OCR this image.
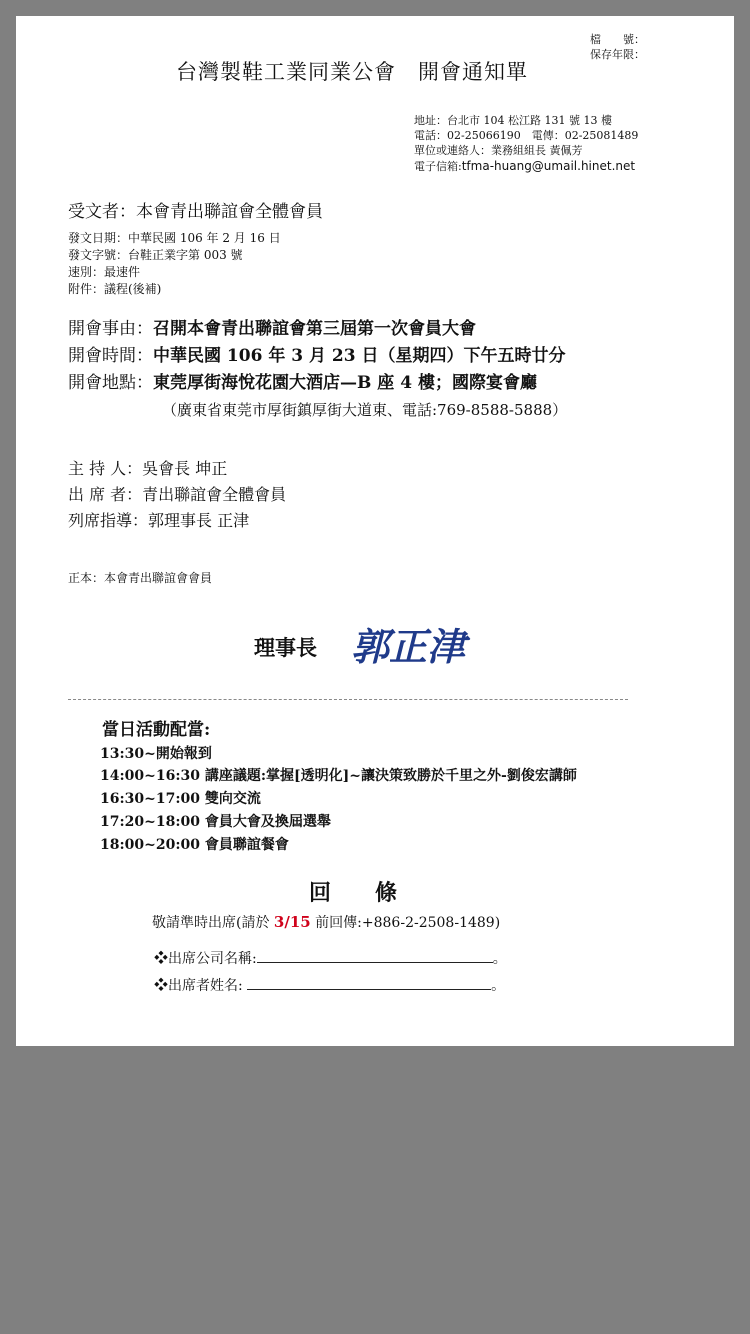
檔　　號：
保存年限：
台灣製鞋工業同業公會　開會通知單
地址：台北市 104 松江路 131 號 13 樓
電話：02-25066190　電傳：02-25081489
單位或連絡人：業務組組長 黃佩芳
電子信箱:tfma-huang@umail.hinet.net
受文者：本會青出聯誼會全體會員
發文日期：中華民國 106 年 2 月 16 日
發文字號：台鞋正業字第 003 號
速別：最速件
附件：議程(後補)
開會事由：召開本會青出聯誼會第三屆第一次會員大會
開會時間：中華民國 106 年 3 月 23 日（星期四）下午五時廿分
開會地點：東莞厚街海悅花園大酒店—B 座 4 樓；國際宴會廳
（廣東省東莞市厚街鎮厚街大道東、電話:769-8588-5888）
主 持 人：吳會長 坤正
出 席 者：青出聯誼會全體會員
列席指導：郭理事長 正津
正本：本會青出聯誼會會員
理事長 郭正津
當日活動配當:
13:30~開始報到
14:00~16:30 講座議題:掌握[透明化]~讓決策致勝於千里之外-劉俊宏講師
16:30~17:00 雙向交流
17:20~18:00 會員大會及換屆選舉
18:00~20:00 會員聯誼餐會
回　　條
敬請準時出席(請於 3/15 前回傳:+886-2-2508-1489)
❖出席公司名稱:	。
❖出席者姓名:	。
